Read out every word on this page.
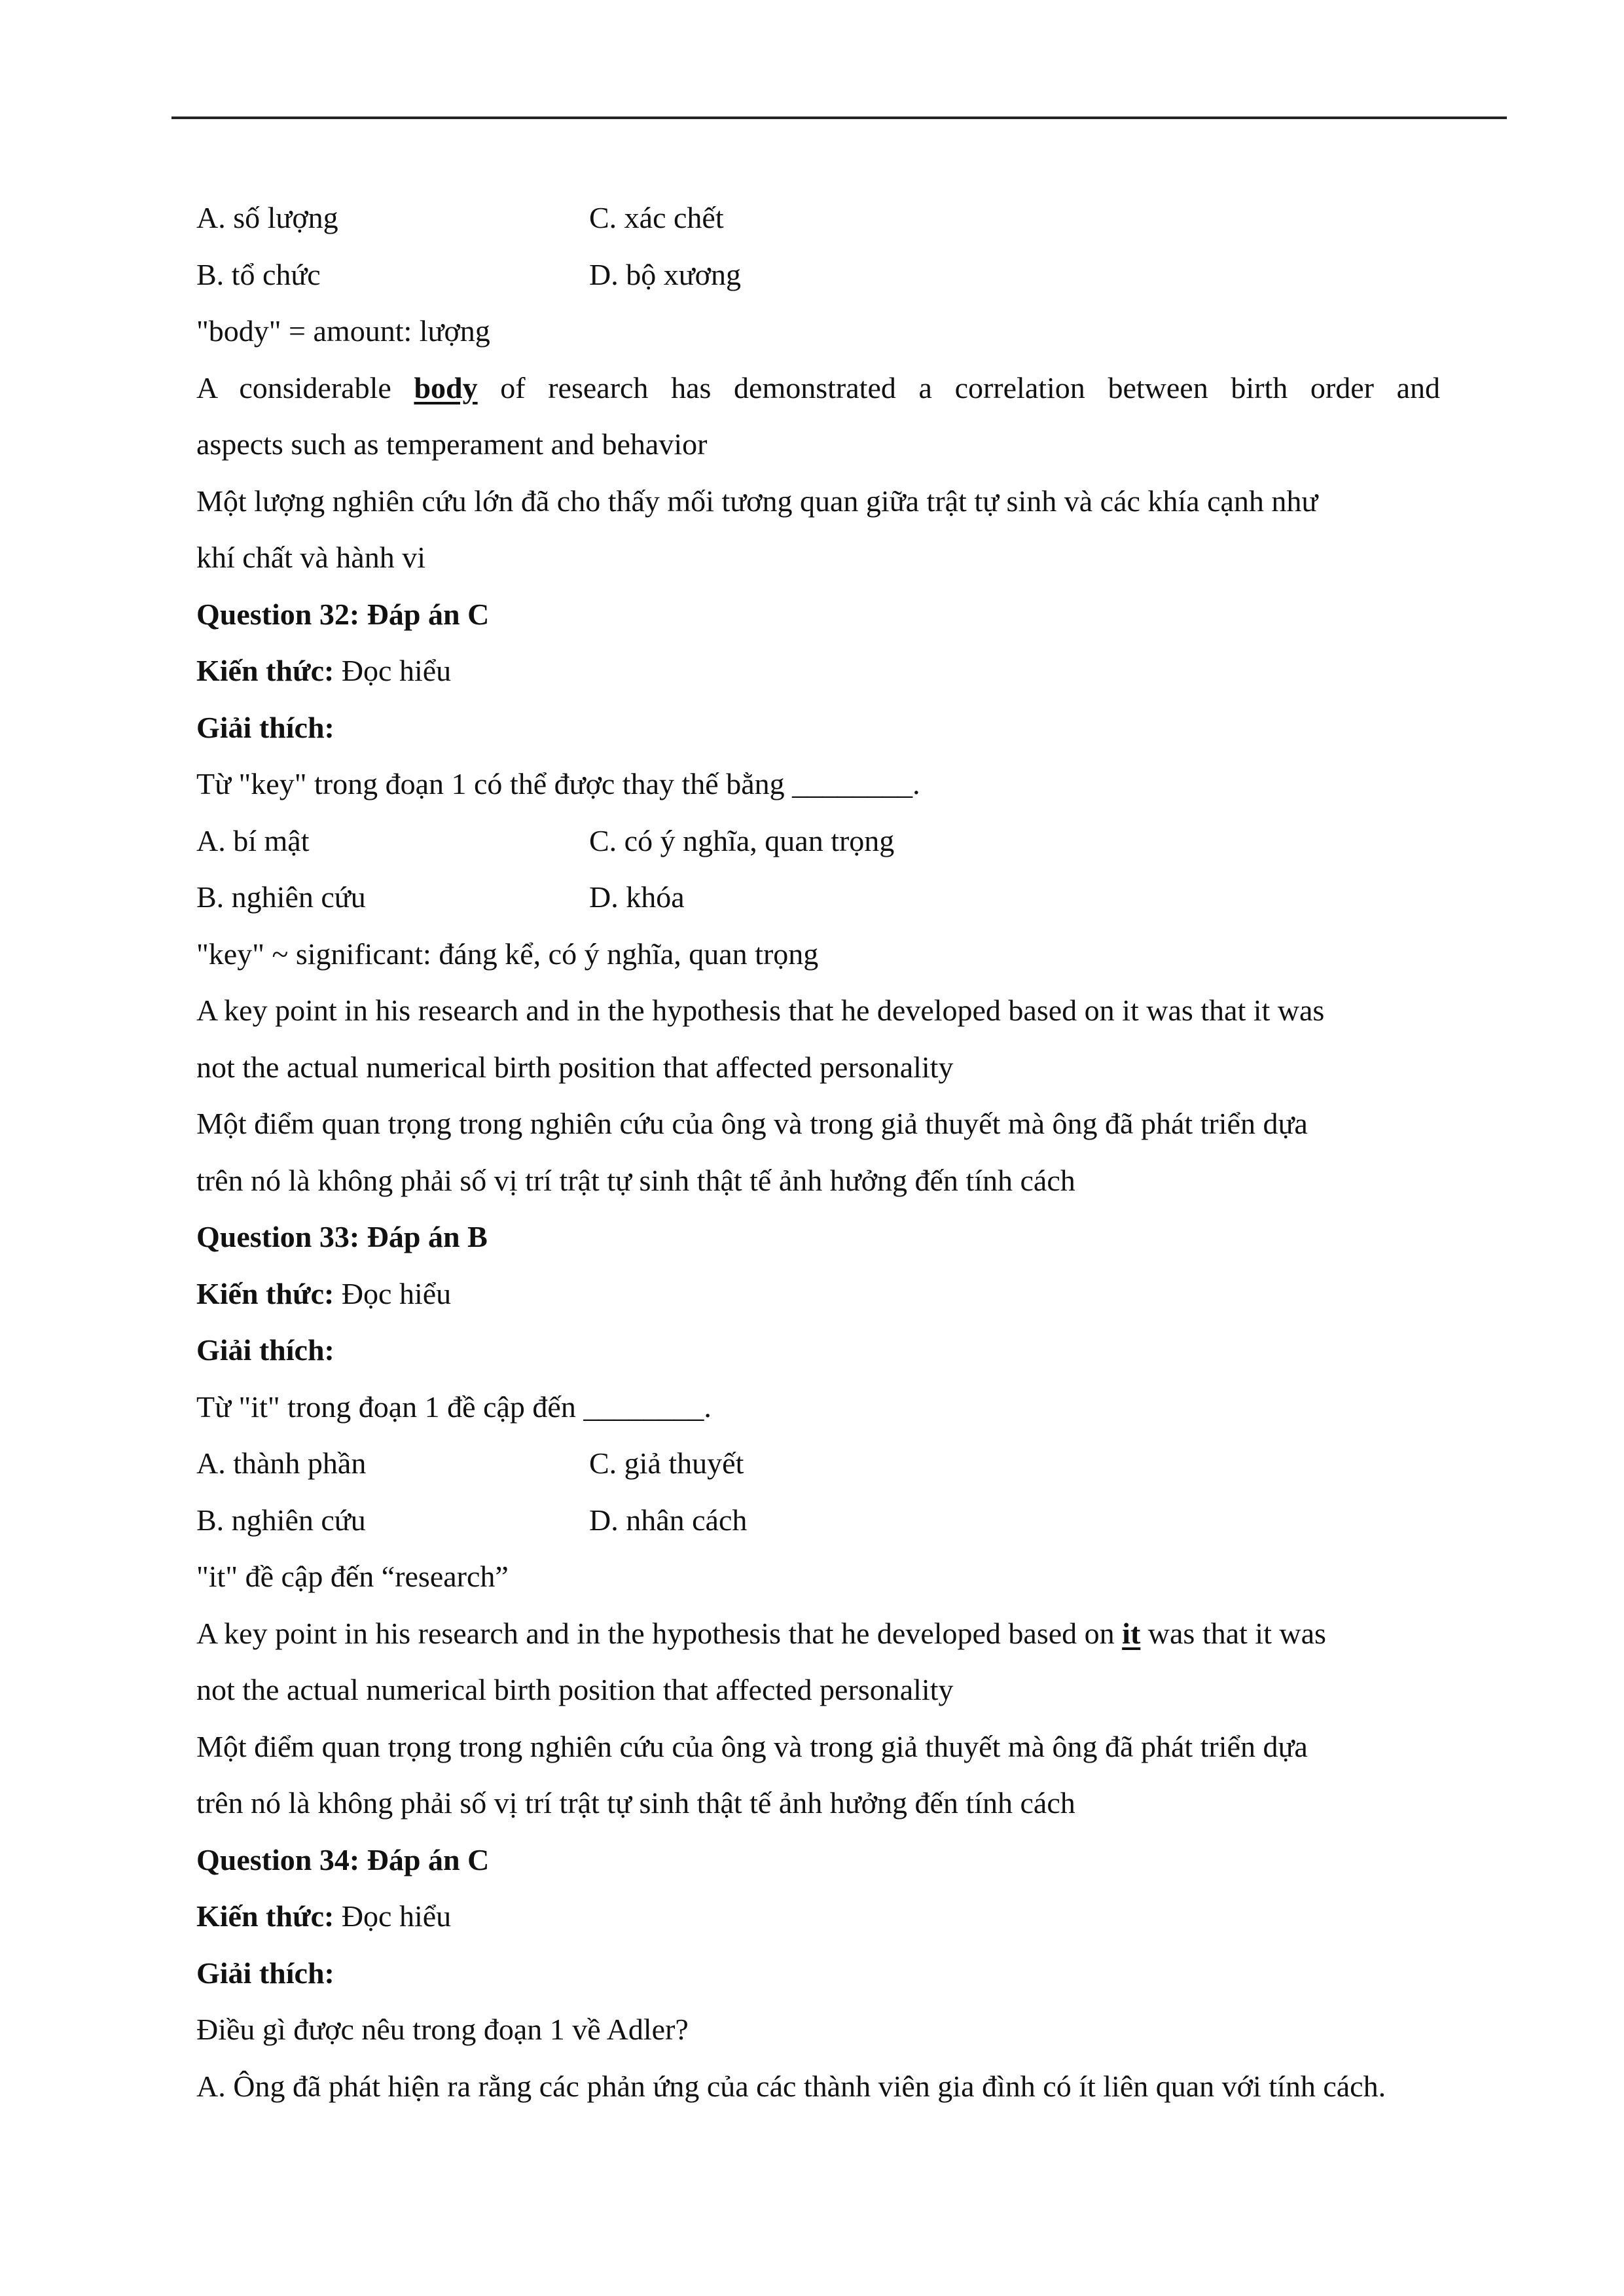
A. số lượng	C. xác chết
B. tổ chức	D. bộ xương
"body" = amount: lượng
A considerable body of research has demonstrated a correlation between birth order and
aspects such as temperament and behavior
Một lượng nghiên cứu lớn đã cho thấy mối tương quan giữa trật tự sinh và các khía cạnh như
khí chất và hành vi
Question 32: Đáp án C
Kiến thức: Đọc hiểu
Giải thích:
Từ "key" trong đoạn 1 có thể được thay thế bằng ________.
A. bí mật	C. có ý nghĩa, quan trọng
B. nghiên cứu	D. khóa
"key" ~ significant: đáng kể, có ý nghĩa, quan trọng
A key point in his research and in the hypothesis that he developed based on it was that it was
not the actual numerical birth position that affected personality
Một điểm quan trọng trong nghiên cứu của ông và trong giả thuyết mà ông đã phát triển dựa
trên nó là không phải số vị trí trật tự sinh thật tế ảnh hưởng đến tính cách
Question 33: Đáp án B
Kiến thức: Đọc hiểu
Giải thích:
Từ "it" trong đoạn 1 đề cập đến ________.
A. thành phần	C. giả thuyết
B. nghiên cứu	D. nhân cách
"it" đề cập đến “research”
A key point in his research and in the hypothesis that he developed based on it was that it was
not the actual numerical birth position that affected personality
Một điểm quan trọng trong nghiên cứu của ông và trong giả thuyết mà ông đã phát triển dựa
trên nó là không phải số vị trí trật tự sinh thật tế ảnh hưởng đến tính cách
Question 34: Đáp án C
Kiến thức: Đọc hiểu
Giải thích:
Điều gì được nêu trong đoạn 1 về Adler?
A. Ông đã phát hiện ra rằng các phản ứng của các thành viên gia đình có ít liên quan với tính cách.
